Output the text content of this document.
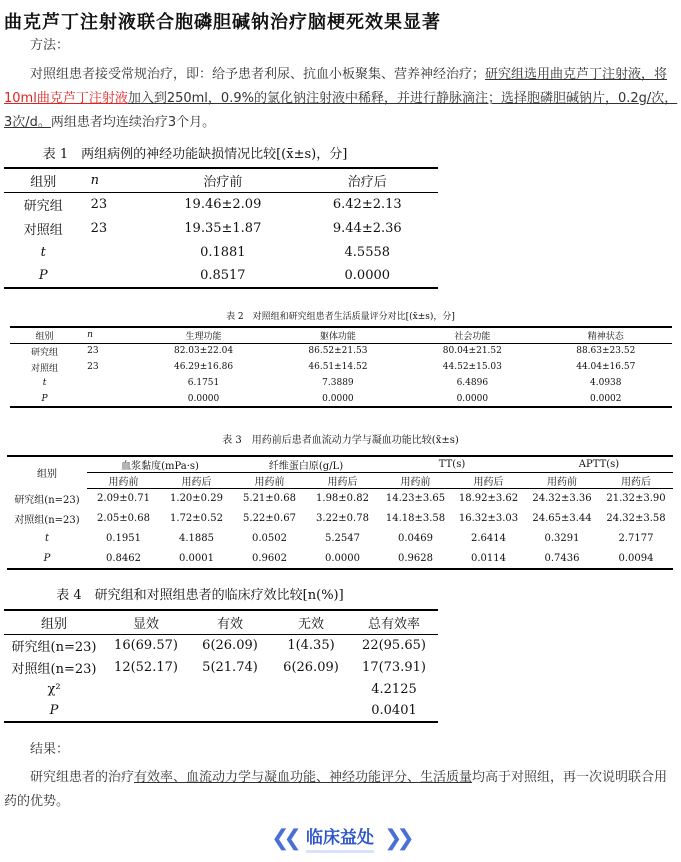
曲克芦丁注射液联合胞磷胆碱钠治疗脑梗死效果显著
方法：
对照组患者接受常规治疗，即：给予患者利尿、抗血小板聚集、营养神经治疗；研究组选用曲克芦丁注射液，将10ml曲克芦丁注射液加入到250ml，0.9%的氯化钠注射液中稀释，并进行静脉滴注；选择胞磷胆碱钠片，0.2g/次，3次/d。两组患者均连续治疗3个月。
表 1　两组病例的神经功能缺损情况比较[(x̄±s)，分]
组别	n	治疗前	治疗后
研究组	23	19.46±2.09	6.42±2.13
对照组	23	19.35±1.87	9.44±2.36
t		0.1881	4.5558
P		0.8517	0.0000
表 2　对照组和研究组患者生活质量评分对比[(x̄±s)，分]
组别	n	生理功能	躯体功能	社会功能	精神状态
研究组	23	82.03±22.04	86.52±21.53	80.04±21.52	88.63±23.52
对照组	23	46.29±16.86	46.51±14.52	44.52±15.03	44.04±16.57
t		6.1751	7.3889	6.4896	4.0938
P		0.0000	0.0000	0.0000	0.0002
表 3　用药前后患者血流动力学与凝血功能比较(x̄±s)
组别	血浆黏度(mPa·s)		纤维蛋白原(g/L)		TT(s)		APTT(s)	
	用药前	用药后	用药前	用药后	用药前	用药后	用药前	用药后
研究组(n=23)	2.09±0.71	1.20±0.29	5.21±0.68	1.98±0.82	14.23±3.65	18.92±3.62	24.32±3.36	21.32±3.90
对照组(n=23)	2.05±0.68	1.72±0.52	5.22±0.67	3.22±0.78	14.18±3.58	16.32±3.03	24.65±3.44	24.32±3.58
t	0.1951	4.1885	0.0502	5.2547	0.0469	2.6414	0.3291	2.7177
P	0.8462	0.0001	0.9602	0.0000	0.9628	0.0114	0.7436	0.0094
表 4　研究组和对照组患者的临床疗效比较[n(%)]
组别	显效	有效	无效	总有效率
研究组(n=23)	16(69.57)	6(26.09)	1(4.35)	22(95.65)
对照组(n=23)	12(52.17)	5(21.74)	6(26.09)	17(73.91)
χ²				4.2125
P				0.0401
结果：
研究组患者的治疗有效率、血流动力学与凝血功能、神经功能评分、生活质量均高于对照组，再一次说明联合用药的优势。
❮❮ 临床益处 ❯❯
